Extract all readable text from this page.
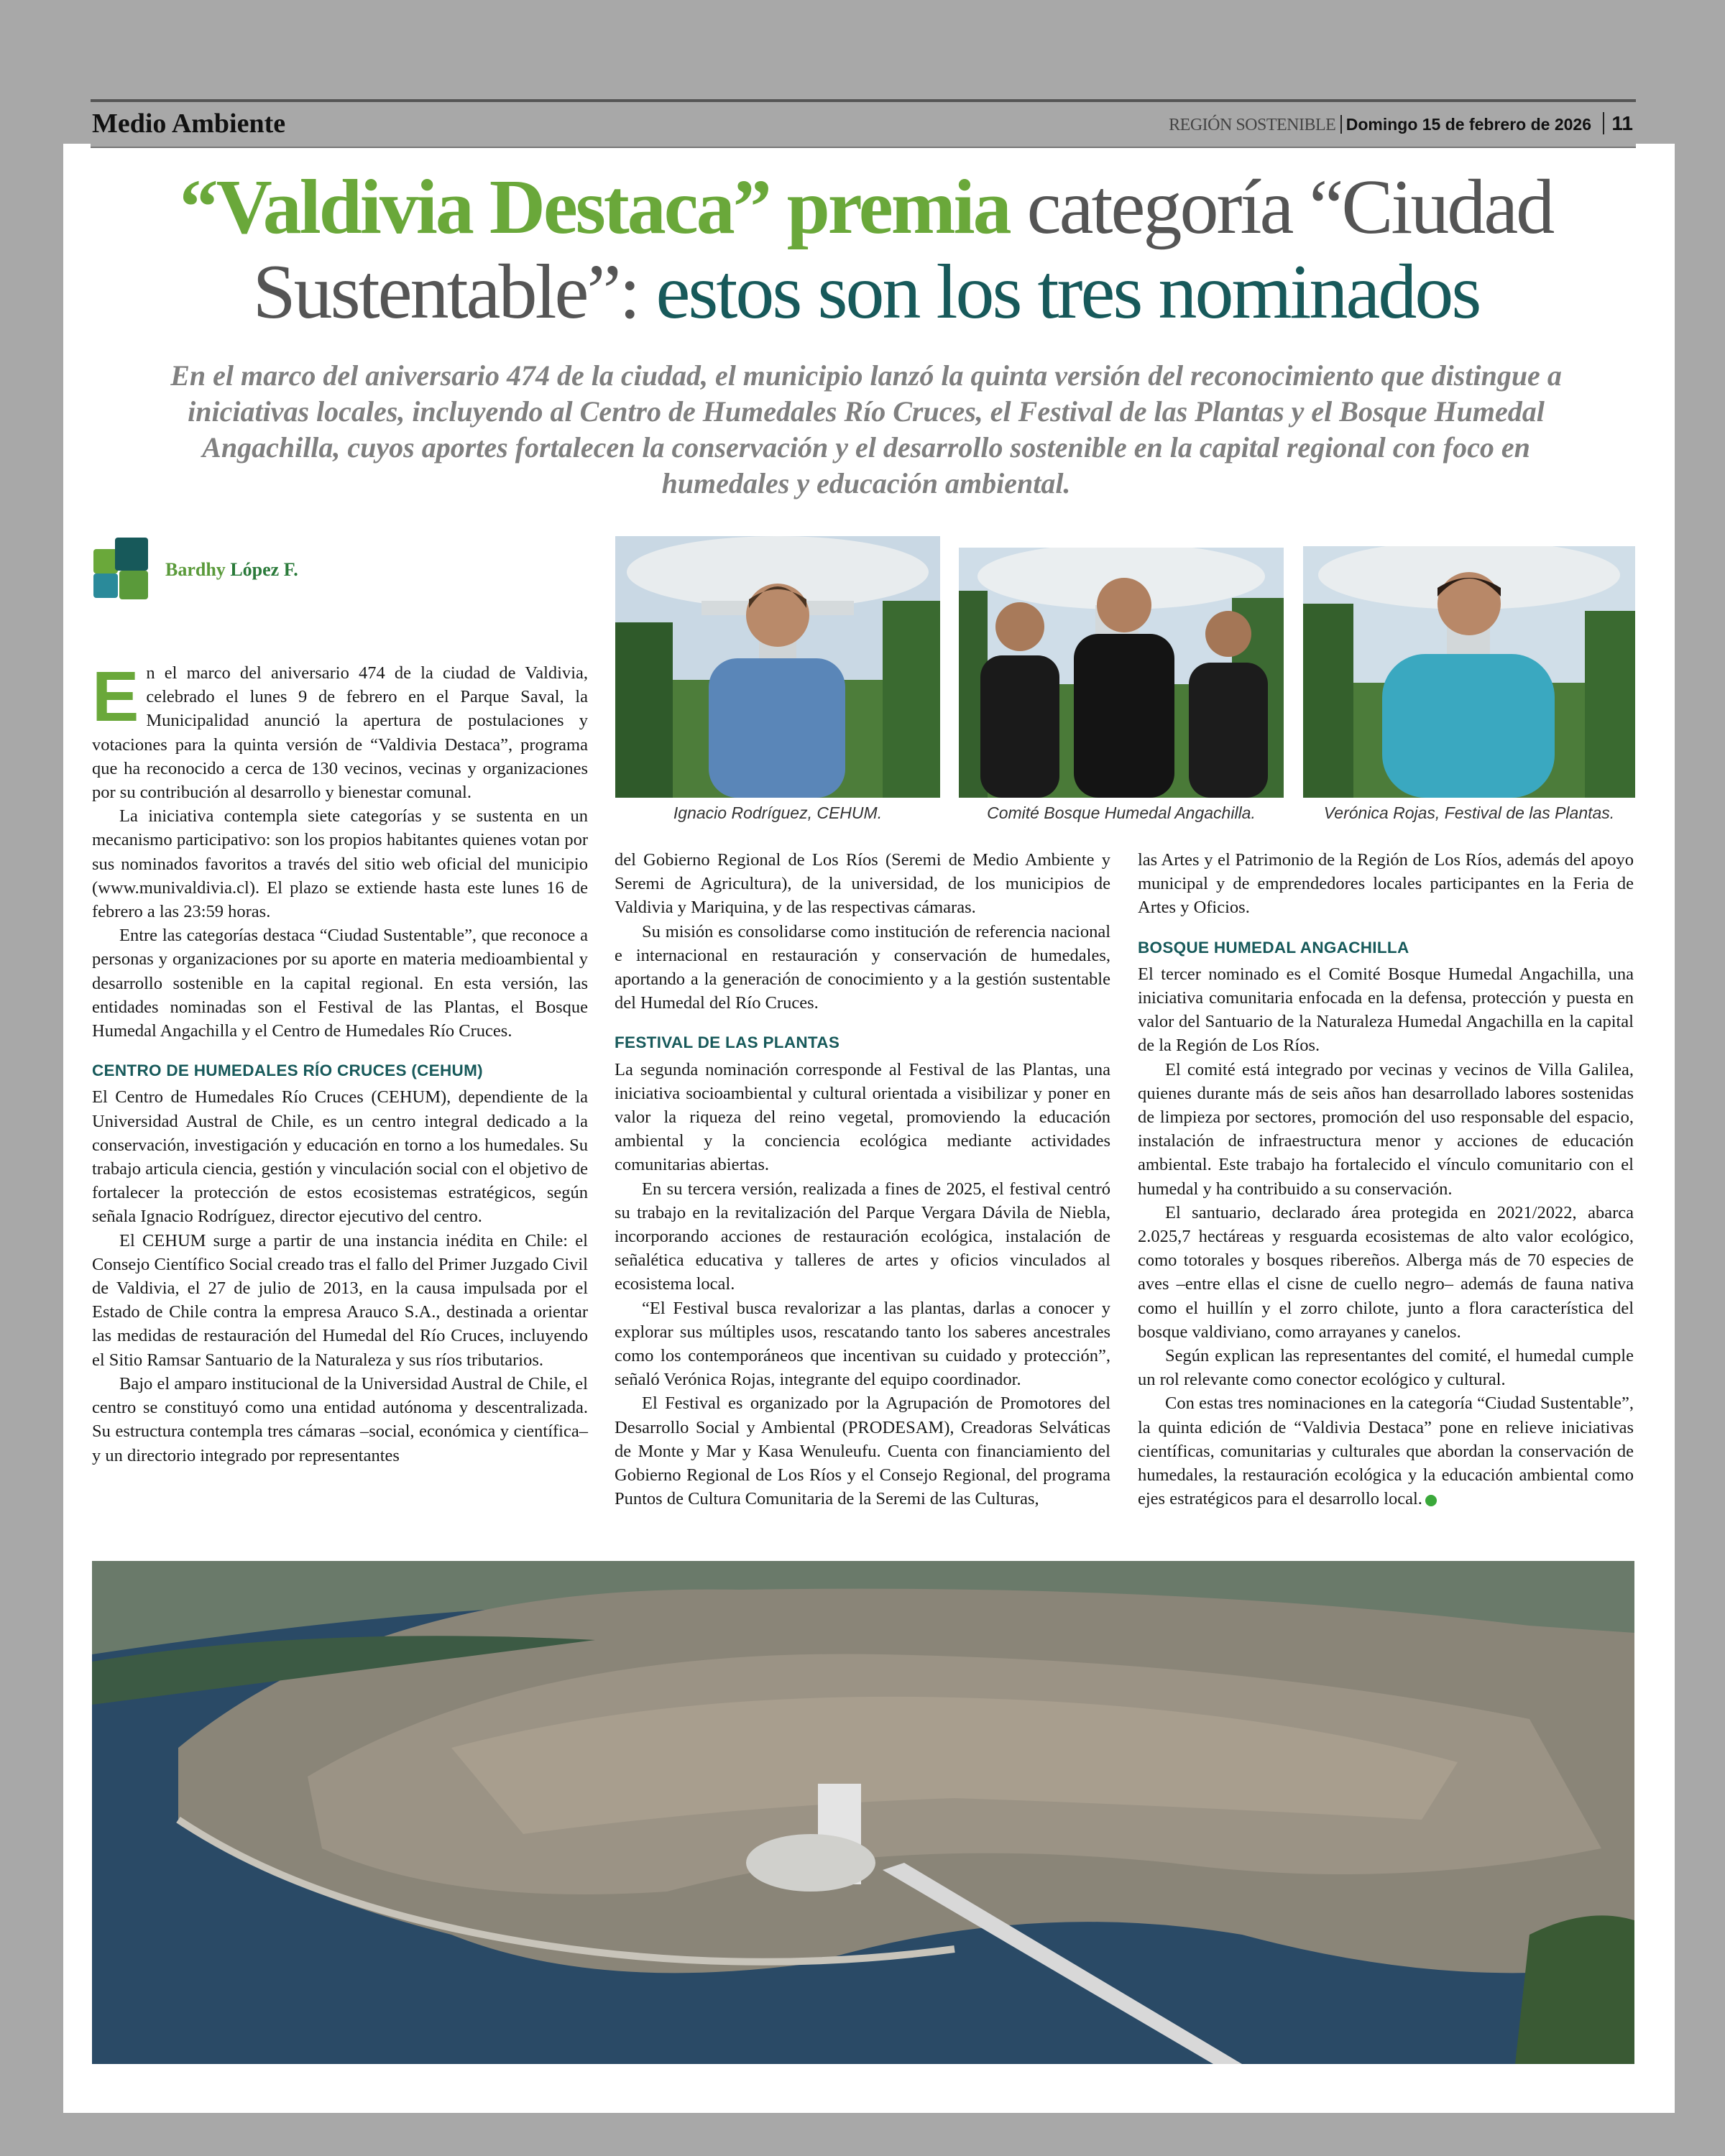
Medio Ambiente	REGIÓN SOSTENIBLE Domingo 15 de febrero de 2026 11
“Valdivia Destaca” premia categoría “Ciudad Sustentable”: estos son los tres nominados
En el marco del aniversario 474 de la ciudad, el municipio lanzó la quinta versión del reconocimiento que distingue a iniciativas locales, incluyendo al Centro de Humedales Río Cruces, el Festival de las Plantas y el Bosque Humedal Angachilla, cuyos aportes fortalecen la conservación y el desarrollo sostenible en la capital regional con foco en humedales y educación ambiental.
Bardhy López F.
Ignacio Rodríguez, CEHUM.	Comité Bosque Humedal Angachilla.	Verónica Rojas, Festival de las Plantas.

En el marco del aniversario 474 de la ciudad de Valdivia, celebrado el lunes 9 de febrero en el Parque Saval, la Municipalidad anunció la apertura de postulaciones y votaciones para la quinta versión de “Valdivia Destaca”, programa que ha reconocido a cerca de 130 vecinos, vecinas y organizaciones por su contribución al desarrollo y bienestar comunal.

La iniciativa contempla siete categorías y se sustenta en un mecanismo participativo: son los propios habitantes quienes votan por sus nominados favoritos a través del sitio web oficial del municipio (www.munivaldivia.cl). El plazo se extiende hasta este lunes 16 de febrero a las 23:59 horas.

Entre las categorías destaca “Ciudad Sustentable”, que reconoce a personas y organizaciones por su aporte en materia medioambiental y desarrollo sostenible en la capital regional. En esta versión, las entidades nominadas son el Festival de las Plantas, el Bosque Humedal Angachilla y el Centro de Humedales Río Cruces.

CENTRO DE HUMEDALES RÍO CRUCES (CEHUM)

El Centro de Humedales Río Cruces (CEHUM), dependiente de la Universidad Austral de Chile, es un centro integral dedicado a la conservación, investigación y educación en torno a los humedales. Su trabajo articula ciencia, gestión y vinculación social con el objetivo de fortalecer la protección de estos ecosistemas estratégicos, según señala Ignacio Rodríguez, director ejecutivo del centro.

El CEHUM surge a partir de una instancia inédita en Chile: el Consejo Científico Social creado tras el fallo del Primer Juzgado Civil de Valdivia, el 27 de julio de 2013, en la causa impulsada por el Estado de Chile contra la empresa Arauco S.A., destinada a orientar las medidas de restauración del Humedal del Río Cruces, incluyendo el Sitio Ramsar Santuario de la Naturaleza y sus ríos tributarios.

Bajo el amparo institucional de la Universidad Austral de Chile, el centro se constituyó como una entidad autónoma y descentralizada. Su estructura contempla tres cámaras –social, económica y científica– y un directorio integrado por representantes

del Gobierno Regional de Los Ríos (Seremi de Medio Ambiente y Seremi de Agricultura), de la universidad, de los municipios de Valdivia y Mariquina, y de las respectivas cámaras.

Su misión es consolidarse como institución de referencia nacional e internacional en restauración y conservación de humedales, aportando a la generación de conocimiento y a la gestión sustentable del Humedal del Río Cruces.

FESTIVAL DE LAS PLANTAS

La segunda nominación corresponde al Festival de las Plantas, una iniciativa socioambiental y cultural orientada a visibilizar y poner en valor la riqueza del reino vegetal, promoviendo la educación ambiental y la conciencia ecológica mediante actividades comunitarias abiertas.

En su tercera versión, realizada a fines de 2025, el festival centró su trabajo en la revitalización del Parque Vergara Dávila de Niebla, incorporando acciones de restauración ecológica, instalación de señalética educativa y talleres de artes y oficios vinculados al ecosistema local.

“El Festival busca revalorizar a las plantas, darlas a conocer y explorar sus múltiples usos, rescatando tanto los saberes ancestrales como los contemporáneos que incentivan su cuidado y protección”, señaló Verónica Rojas, integrante del equipo coordinador.

El Festival es organizado por la Agrupación de Promotores del Desarrollo Social y Ambiental (PRODESAM), Creadoras Selváticas de Monte y Mar y Kasa Wenuleufu. Cuenta con financiamiento del Gobierno Regional de Los Ríos y el Consejo Regional, del programa Puntos de Cultura Comunitaria de la Seremi de las Culturas,

las Artes y el Patrimonio de la Región de Los Ríos, además del apoyo municipal y de emprendedores locales participantes en la Feria de Artes y Oficios.

BOSQUE HUMEDAL ANGACHILLA

El tercer nominado es el Comité Bosque Humedal Angachilla, una iniciativa comunitaria enfocada en la defensa, protección y puesta en valor del Santuario de la Naturaleza Humedal Angachilla en la capital de la Región de Los Ríos.

El comité está integrado por vecinas y vecinos de Villa Galilea, quienes durante más de seis años han desarrollado labores sostenidas de limpieza por sectores, promoción del uso responsable del espacio, instalación de infraestructura menor y acciones de educación ambiental. Este trabajo ha fortalecido el vínculo comunitario con el humedal y ha contribuido a su conservación.

El santuario, declarado área protegida en 2021/2022, abarca 2.025,7 hectáreas y resguarda ecosistemas de alto valor ecológico, como totorales y bosques ribereños. Alberga más de 70 especies de aves –entre ellas el cisne de cuello negro– además de fauna nativa como el huillín y el zorro chilote, junto a flora característica del bosque valdiviano, como arrayanes y canelos.

Según explican las representantes del comité, el humedal cumple un rol relevante como conector ecológico y cultural.

Con estas tres nominaciones en la categoría “Ciudad Sustentable”, la quinta edición de “Valdivia Destaca” pone en relieve iniciativas científicas, comunitarias y culturales que abordan la conservación de humedales, la restauración ecológica y la educación ambiental como ejes estratégicos para el desarrollo local.
